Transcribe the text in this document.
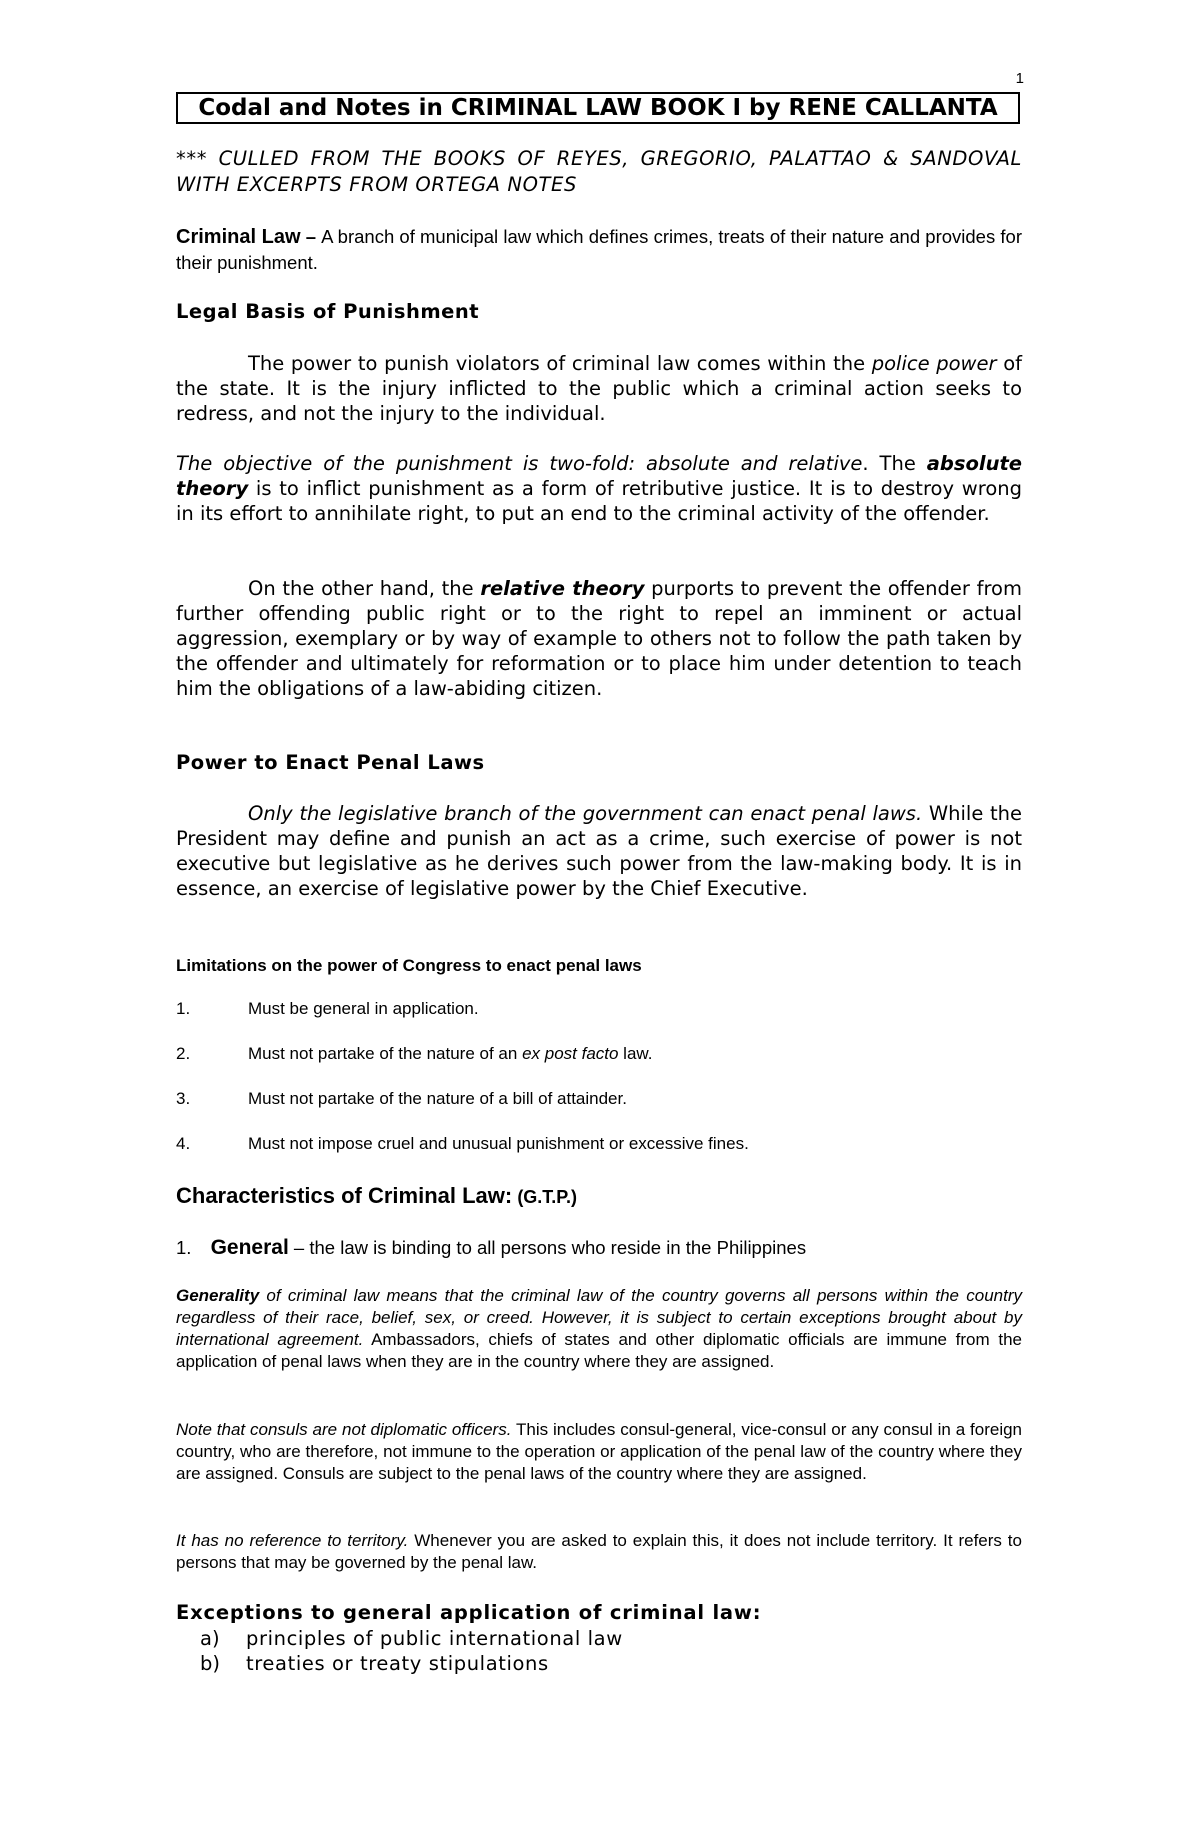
1
Codal and Notes in CRIMINAL LAW BOOK I by RENE CALLANTA
*** CULLED FROM THE BOOKS OF REYES, GREGORIO, PALATTAO & SANDOVAL WITH EXCERPTS FROM ORTEGA NOTES
Criminal Law – A branch of municipal law which defines crimes, treats of their nature and provides for their punishment.
Legal Basis of Punishment
The power to punish violators of criminal law comes within the police power of the state. It is the injury inflicted to the public which a criminal action seeks to redress, and not the injury to the individual.
The objective of the punishment is two-fold: absolute and relative. The absolute theory is to inflict punishment as a form of retributive justice. It is to destroy wrong in its effort to annihilate right, to put an end to the criminal activity of the offender.
On the other hand, the relative theory purports to prevent the offender from further offending public right or to the right to repel an imminent or actual aggression, exemplary or by way of example to others not to follow the path taken by the offender and ultimately for reformation or to place him under detention to teach him the obligations of a law-abiding citizen.
Power to Enact Penal Laws
Only the legislative branch of the government can enact penal laws. While the President may define and punish an act as a crime, such exercise of power is not executive but legislative as he derives such power from the law-making body. It is in essence, an exercise of legislative power by the Chief Executive.
Limitations on the power of Congress to enact penal laws
1.	Must be general in application.
2.	Must not partake of the nature of an ex post facto law.
3.	Must not partake of the nature of a bill of attainder.
4.	Must not impose cruel and unusual punishment or excessive fines.
Characteristics of Criminal Law: (G.T.P.)
1. General – the law is binding to all persons who reside in the Philippines
Generality of criminal law means that the criminal law of the country governs all persons within the country regardless of their race, belief, sex, or creed. However, it is subject to certain exceptions brought about by international agreement. Ambassadors, chiefs of states and other diplomatic officials are immune from the application of penal laws when they are in the country where they are assigned.
Note that consuls are not diplomatic officers. This includes consul-general, vice-consul or any consul in a foreign country, who are therefore, not immune to the operation or application of the penal law of the country where they are assigned. Consuls are subject to the penal laws of the country where they are assigned.
It has no reference to territory. Whenever you are asked to explain this, it does not include territory. It refers to persons that may be governed by the penal law.
Exceptions to general application of criminal law:
a) principles of public international law
b) treaties or treaty stipulations
